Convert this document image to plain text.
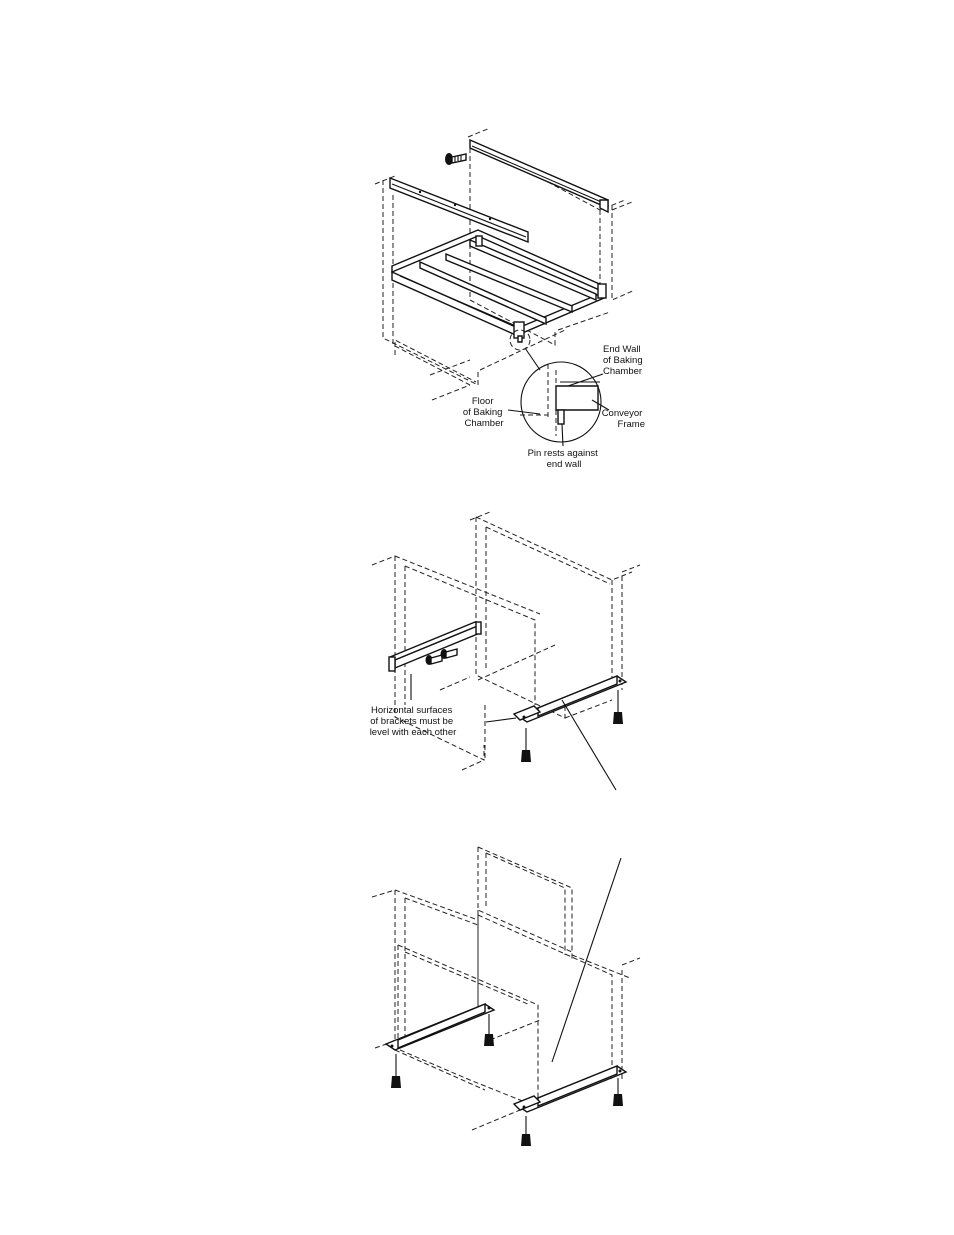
End Wall of Baking Chamber
Floor of Baking Chamber
Conveyor Frame
Pin rests against end wall
Horizontal surfaces of brackets must be level with each other
